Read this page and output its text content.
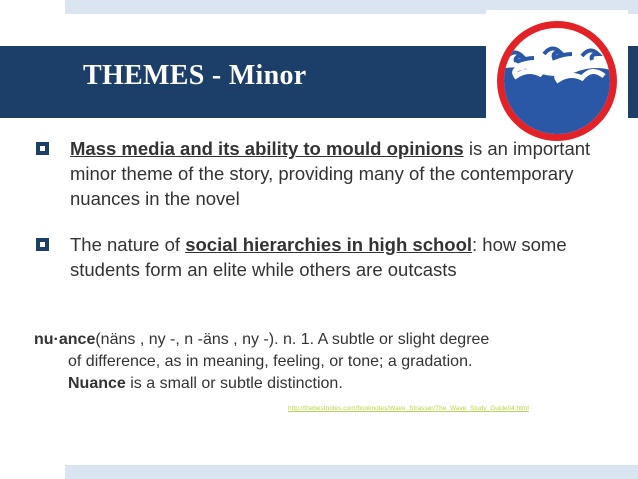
THEMES - Minor
Mass media and its ability to mould opinions is an important minor theme of the story, providing many of the contemporary nuances in the novel
The nature of social hierarchies in high school: how some students form an elite while others are outcasts
nu·ance(näns , ny -, n -äns , ny -). n. 1. A subtle or slight degree
of difference, as in meaning, feeling, or tone; a gradation.
Nuance is a small or subtle distinction.
http://thebestnotes.com/booknotes/Wave_Strasser/The_Wave_Study_Guide04.html
